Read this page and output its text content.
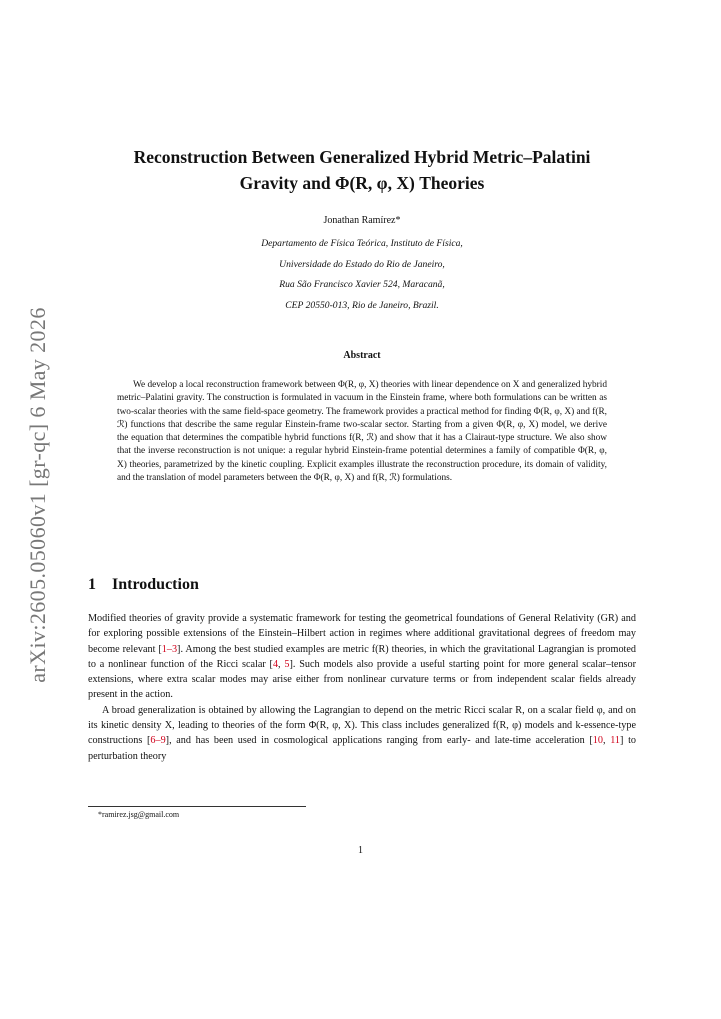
arXiv:2605.05060v1 [gr-qc] 6 May 2026
Reconstruction Between Generalized Hybrid Metric–Palatini
Gravity and Φ(R, φ, X) Theories
Jonathan Ramírez*
Departamento de Física Teórica, Instituto de Física,
Universidade do Estado do Rio de Janeiro,
Rua São Francisco Xavier 524, Maracanã,
CEP 20550-013, Rio de Janeiro, Brazil.
Abstract
We develop a local reconstruction framework between Φ(R, φ, X) theories with linear dependence on X and generalized hybrid metric–Palatini gravity. The construction is formulated in vacuum in the Einstein frame, where both formulations can be written as two-scalar theories with the same field-space geometry. The framework provides a practical method for finding Φ(R, φ, X) and f(R, ℛ) functions that describe the same regular Einstein-frame two-scalar sector. Starting from a given Φ(R, φ, X) model, we derive the equation that determines the compatible hybrid functions f(R, ℛ) and show that it has a Clairaut-type structure. We also show that the inverse reconstruction is not unique: a regular hybrid Einstein-frame potential determines a family of compatible Φ(R, φ, X) theories, parametrized by the kinetic coupling. Explicit examples illustrate the reconstruction procedure, its domain of validity, and the translation of model parameters between the Φ(R, φ, X) and f(R, ℛ) formulations.
1 Introduction

Modified theories of gravity provide a systematic framework for testing the geometrical foundations of General Relativity (GR) and for exploring possible extensions of the Einstein–Hilbert action in regimes where additional gravitational degrees of freedom may become relevant [1–3]. Among the best studied examples are metric f(R) theories, in which the gravitational Lagrangian is promoted to a nonlinear function of the Ricci scalar [4, 5]. Such models also provide a useful starting point for more general scalar–tensor extensions, where extra scalar modes may arise either from nonlinear curvature terms or from independent scalar fields already present in the action.

A broad generalization is obtained by allowing the Lagrangian to depend on the metric Ricci scalar R, on a scalar field φ, and on its kinetic density X, leading to theories of the form Φ(R, φ, X). This class includes generalized f(R, φ) models and k-essence-type constructions [6–9], and has been used in cosmological applications ranging from early- and late-time acceleration [10, 11] to perturbation theory

*ramirez.jsg@gmail.com
1
